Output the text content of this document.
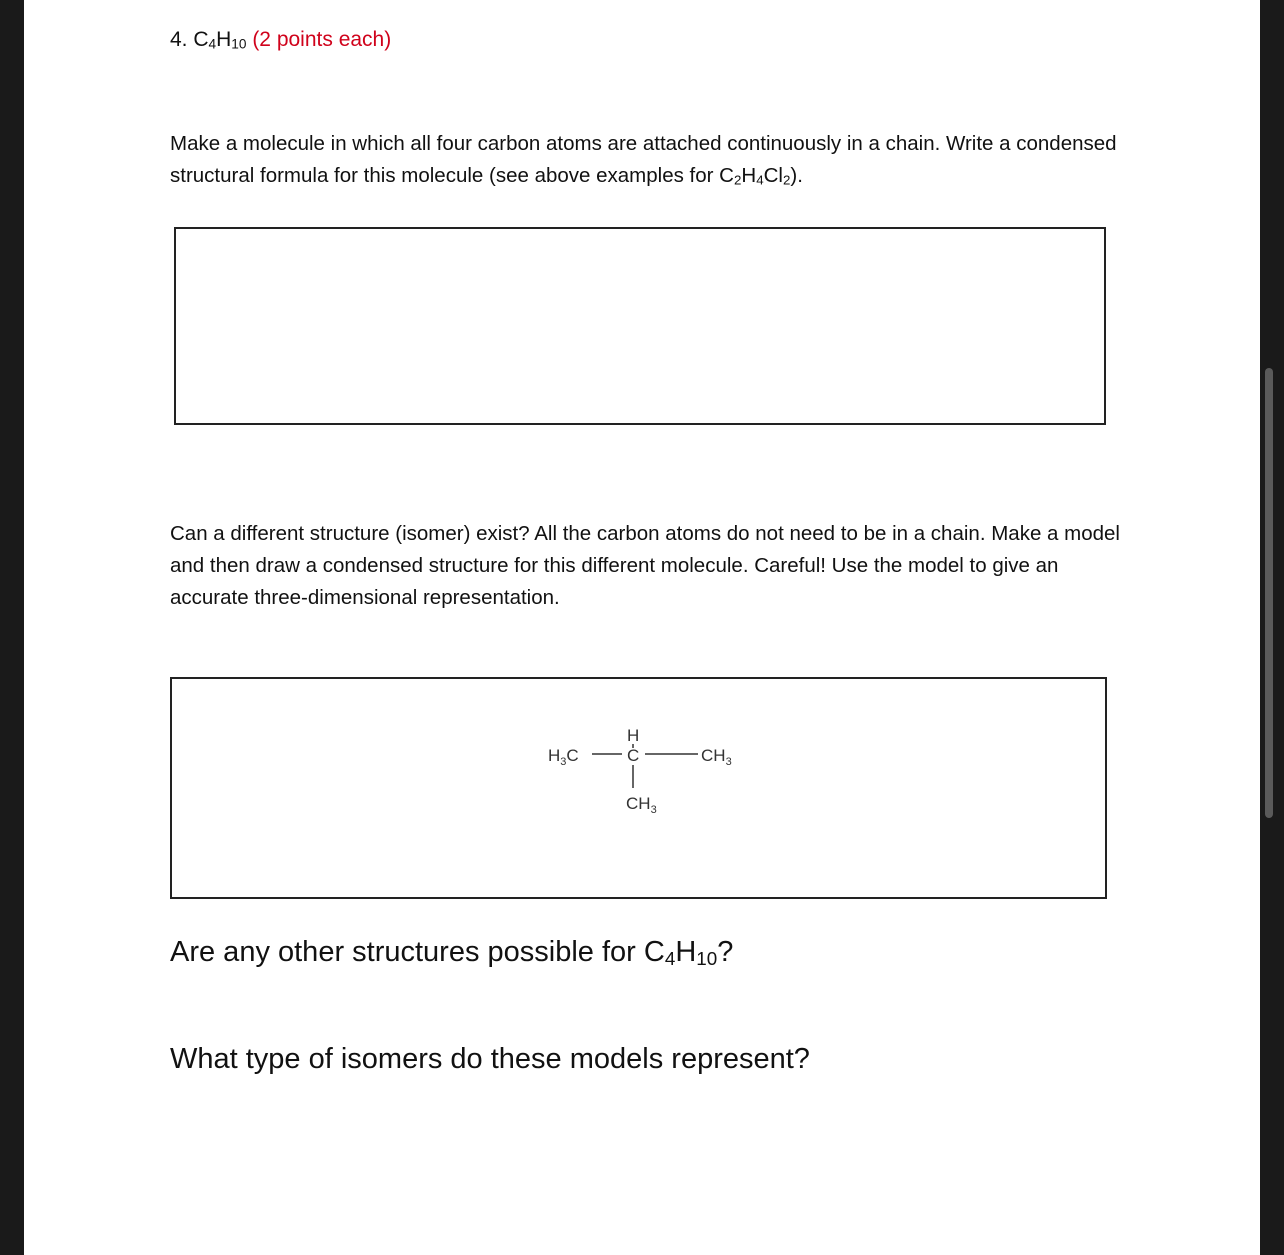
4. $C_4H_{10}$ (2 points each)
Make a molecule in which all four carbon atoms are attached continuously in a chain. Write a condensed structural formula for this molecule (see above examples for $C_2H_4Cl_2$).
Can a different structure (isomer) exist? All the carbon atoms do not need to be in a chain. Make a model and then draw a condensed structure for this different molecule. Careful! Use the model to give an accurate three-dimensional representation.
$H_3C$
H
C	$CH_3$
$CH_3$
Are any other structures possible for $C_4H_{10}$?
What type of isomers do these models represent?
